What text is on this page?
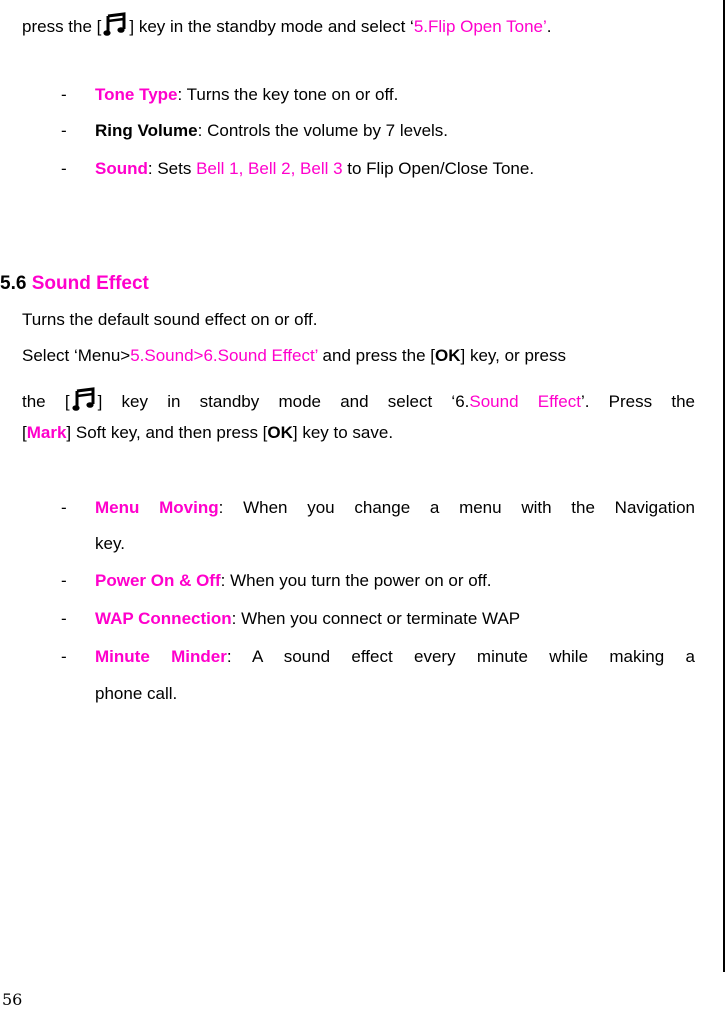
press the [ ] key in the standby mode and select ‘5.Flip Open Tone’.
- Tone Type: Turns the key tone on or off.
- Ring Volume: Controls the volume by 7 levels.
- Sound: Sets Bell 1, Bell 2, Bell 3 to Flip Open/Close Tone.
5.6 Sound Effect
Turns the default sound effect on or off.
Select ‘Menu>5.Sound>6.Sound Effect’ and press the [OK] key, or press
the [ ] key in standby mode and select ‘6.Sound Effect’. Press the
[Mark] Soft key, and then press [OK] key to save.
- Menu Moving: When you change a menu with the Navigation
key.
- Power On & Off: When you turn the power on or off.
- WAP Connection: When you connect or terminate WAP
- Minute Minder: A sound effect every minute while making a
phone call.
56
